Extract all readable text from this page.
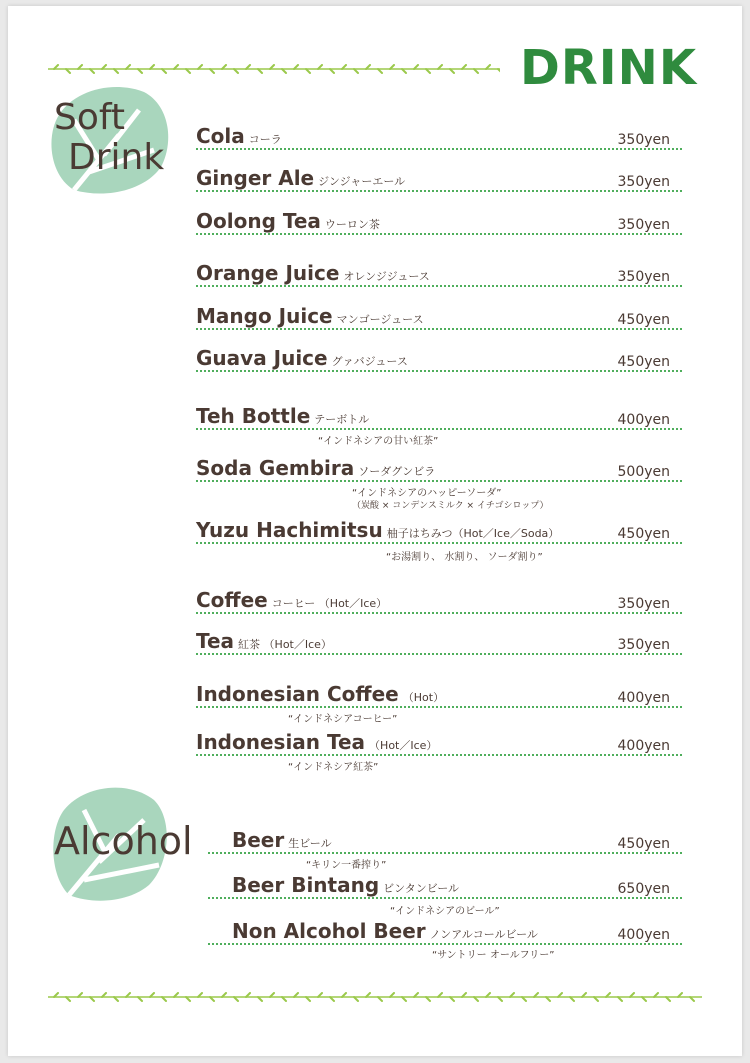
DRINK
Soft
Drink
Cola コーラ	350yen
Ginger Ale ジンジャーエール	350yen
Oolong Tea ウーロン茶	350yen
Orange Juice オレンジジュース	350yen
Mango Juice マンゴージュース	450yen
Guava Juice グァバジュース	450yen
Teh Bottle テーボトル	400yen
“インドネシアの甘い紅茶”
Soda Gembira ソーダグンビラ	500yen
“インドネシアのハッピーソーダ”
（炭酸 × コンデンスミルク × イチゴシロップ）
Yuzu Hachimitsu 柚子はちみつ（Hot／Ice／Soda）	450yen
“お湯割り、 水割り、 ソーダ割り”
Coffee コーヒー （Hot／Ice）	350yen
Tea 紅茶 （Hot／Ice）	350yen
Indonesian Coffee （Hot）	400yen
“インドネシアコーヒー”
Indonesian Tea （Hot／Ice）	400yen
“インドネシア紅茶”
Alcohol Beer 生ビール	450yen
“キリン一番搾り”
Beer Bintang ビンタンビール	650yen
“インドネシアのビール”
Non Alcohol Beer ノンアルコールビール	400yen
“サントリー オールフリー”
